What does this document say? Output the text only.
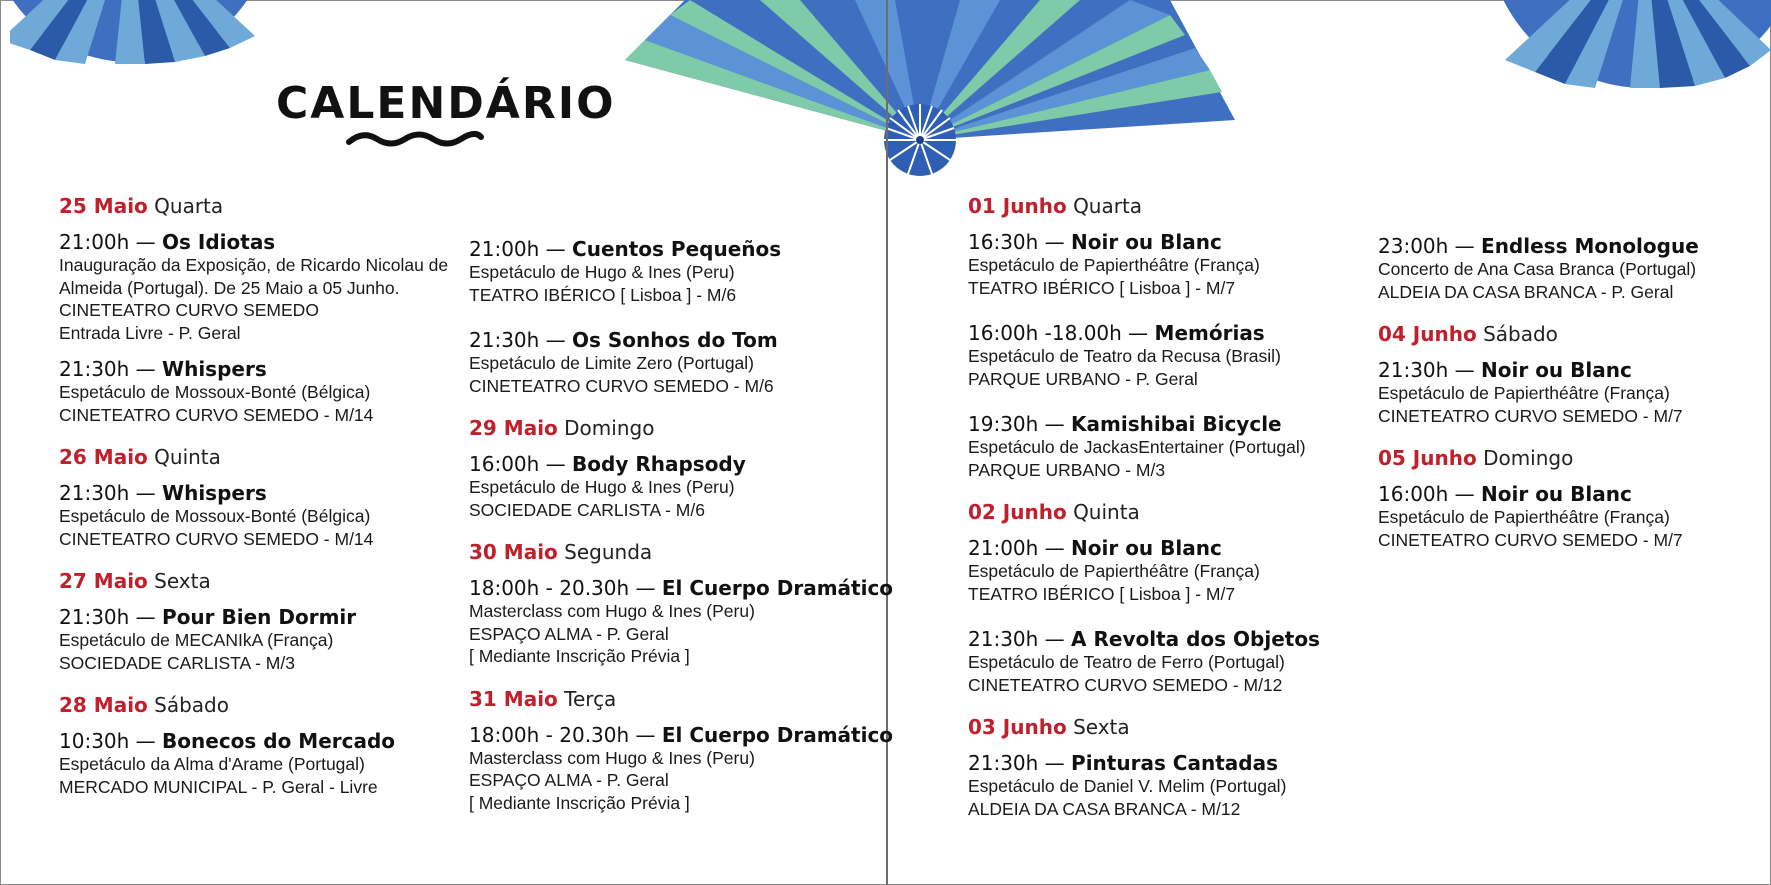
CALENDÁRIO
25 Maio Quarta
21:00h — Os Idiotas
Inauguração da Exposição, de Ricardo Nicolau de Almeida (Portugal). De 25 Maio a 05 Junho.
CINETEATRO CURVO SEMEDO
Entrada Livre - P. Geral
21:30h — Whispers
Espetáculo de Mossoux-Bonté (Bélgica)
CINETEATRO CURVO SEMEDO - M/14
26 Maio Quinta
21:30h — Whispers
Espetáculo de Mossoux-Bonté (Bélgica)
CINETEATRO CURVO SEMEDO - M/14
27 Maio Sexta
21:30h — Pour Bien Dormir
Espetáculo de MECANIkA (França)
SOCIEDADE CARLISTA - M/3
28 Maio Sábado
10:30h — Bonecos do Mercado
Espetáculo da Alma d'Arame (Portugal)
MERCADO MUNICIPAL - P. Geral - Livre
21:00h — Cuentos Pequeños
Espetáculo de Hugo & Ines (Peru)
TEATRO IBÉRICO [ Lisboa ] - M/6
21:30h — Os Sonhos do Tom
Espetáculo de Limite Zero (Portugal)
CINETEATRO CURVO SEMEDO - M/6
29 Maio Domingo
16:00h — Body Rhapsody
Espetáculo de Hugo & Ines (Peru)
SOCIEDADE CARLISTA - M/6
30 Maio Segunda
18:00h - 20.30h — El Cuerpo Dramático
Masterclass com Hugo & Ines (Peru)
ESPAÇO ALMA - P. Geral
[ Mediante Inscrição Prévia ]
31 Maio Terça
18:00h - 20.30h — El Cuerpo Dramático
Masterclass com Hugo & Ines (Peru)
ESPAÇO ALMA - P. Geral
[ Mediante Inscrição Prévia ]
01 Junho Quarta
16:30h — Noir ou Blanc
Espetáculo de Papierthéâtre (França)
TEATRO IBÉRICO [ Lisboa ] - M/7
16:00h -18.00h — Memórias
Espetáculo de Teatro da Recusa (Brasil)
PARQUE URBANO - P. Geral
19:30h — Kamishibai Bicycle
Espetáculo de JackasEntertainer (Portugal)
PARQUE URBANO - M/3
02 Junho Quinta
21:00h — Noir ou Blanc
Espetáculo de Papierthéâtre (França)
TEATRO IBÉRICO [ Lisboa ] - M/7
21:30h — A Revolta dos Objetos
Espetáculo de Teatro de Ferro (Portugal)
CINETEATRO CURVO SEMEDO - M/12
03 Junho Sexta
21:30h — Pinturas Cantadas
Espetáculo de Daniel V. Melim (Portugal)
ALDEIA DA CASA BRANCA - M/12
23:00h — Endless Monologue
Concerto de Ana Casa Branca (Portugal)
ALDEIA DA CASA BRANCA - P. Geral
04 Junho Sábado
21:30h — Noir ou Blanc
Espetáculo de Papierthéâtre (França)
CINETEATRO CURVO SEMEDO - M/7
05 Junho Domingo
16:00h — Noir ou Blanc
Espetáculo de Papierthéâtre (França)
CINETEATRO CURVO SEMEDO - M/7
